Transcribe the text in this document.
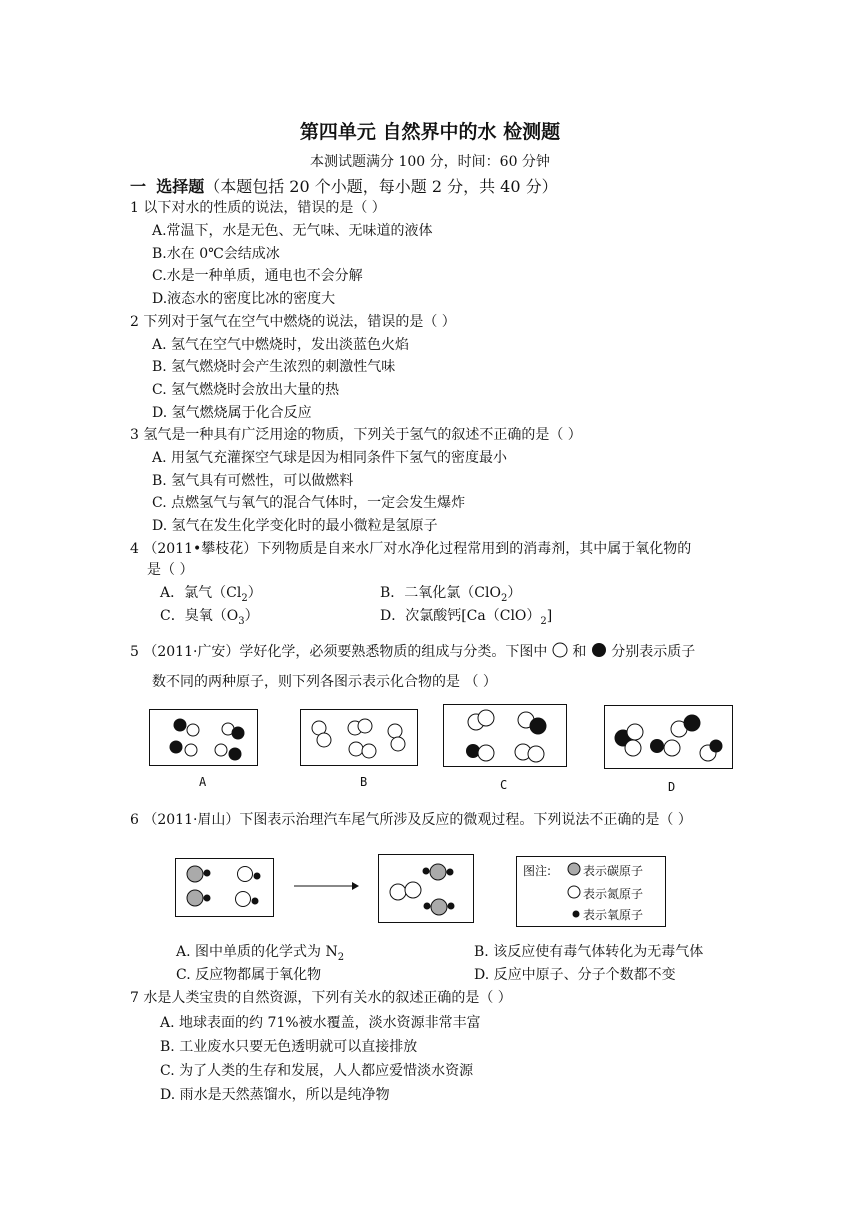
第四单元 自然界中的水 检测题
本测试题满分 100 分，时间：60 分钟
一 选择题（本题包括 20 个小题，每小题 2 分，共 40 分）
1 以下对水的性质的说法，错误的是（ ）
A.常温下，水是无色、无气味、无味道的液体
B.水在 0℃会结成冰
C.水是一种单质，通电也不会分解
D.液态水的密度比冰的密度大
2 下列对于氢气在空气中燃烧的说法，错误的是（ ）
A. 氢气在空气中燃烧时，发出淡蓝色火焰
B. 氢气燃烧时会产生浓烈的刺激性气味
C. 氢气燃烧时会放出大量的热
D. 氢气燃烧属于化合反应
3 氢气是一种具有广泛用途的物质，下列关于氢气的叙述不正确的是（ ）
A. 用氢气充灌探空气球是因为相同条件下氢气的密度最小
B. 氢气具有可燃性，可以做燃料
C. 点燃氢气与氧气的混合气体时，一定会发生爆炸
D. 氢气在发生化学变化时的最小微粒是氢原子
4 （2011•攀枝花）下列物质是自来水厂对水净化过程常用到的消毒剂，其中属于氧化物的
是（ ）
A．氯气$(Cl_2)$	B．二氧化氯（ClO$_2$）
C．臭氧$(O_3)$	D．次氯酸钙$[Ca(ClO)_2]$
5 （2011·广安）学好化学，必须要熟悉物质的组成与分类。下图中 和 分别表示质子
数不同的两种原子，则下列各图示表示化合物的是 （ ）
A	B	C	D
6 （2011·眉山）下图表示治理汽车尾气所涉及反应的微观过程。下列说法不正确的是（ ）
图注:	表示碳原子
表示氮原子
表示氧原子
A. 图中单质的化学式为 $N_2$	B. 该反应使有毒气体转化为无毒气体
C. 反应物都属于氧化物	D. 反应中原子、分子个数都不变
7 水是人类宝贵的自然资源，下列有关水的叙述正确的是（ ）
A. 地球表面的约 71%被水覆盖，淡水资源非常丰富
B. 工业废水只要无色透明就可以直接排放
C. 为了人类的生存和发展，人人都应爱惜淡水资源
D. 雨水是天然蒸馏水，所以是纯净物
